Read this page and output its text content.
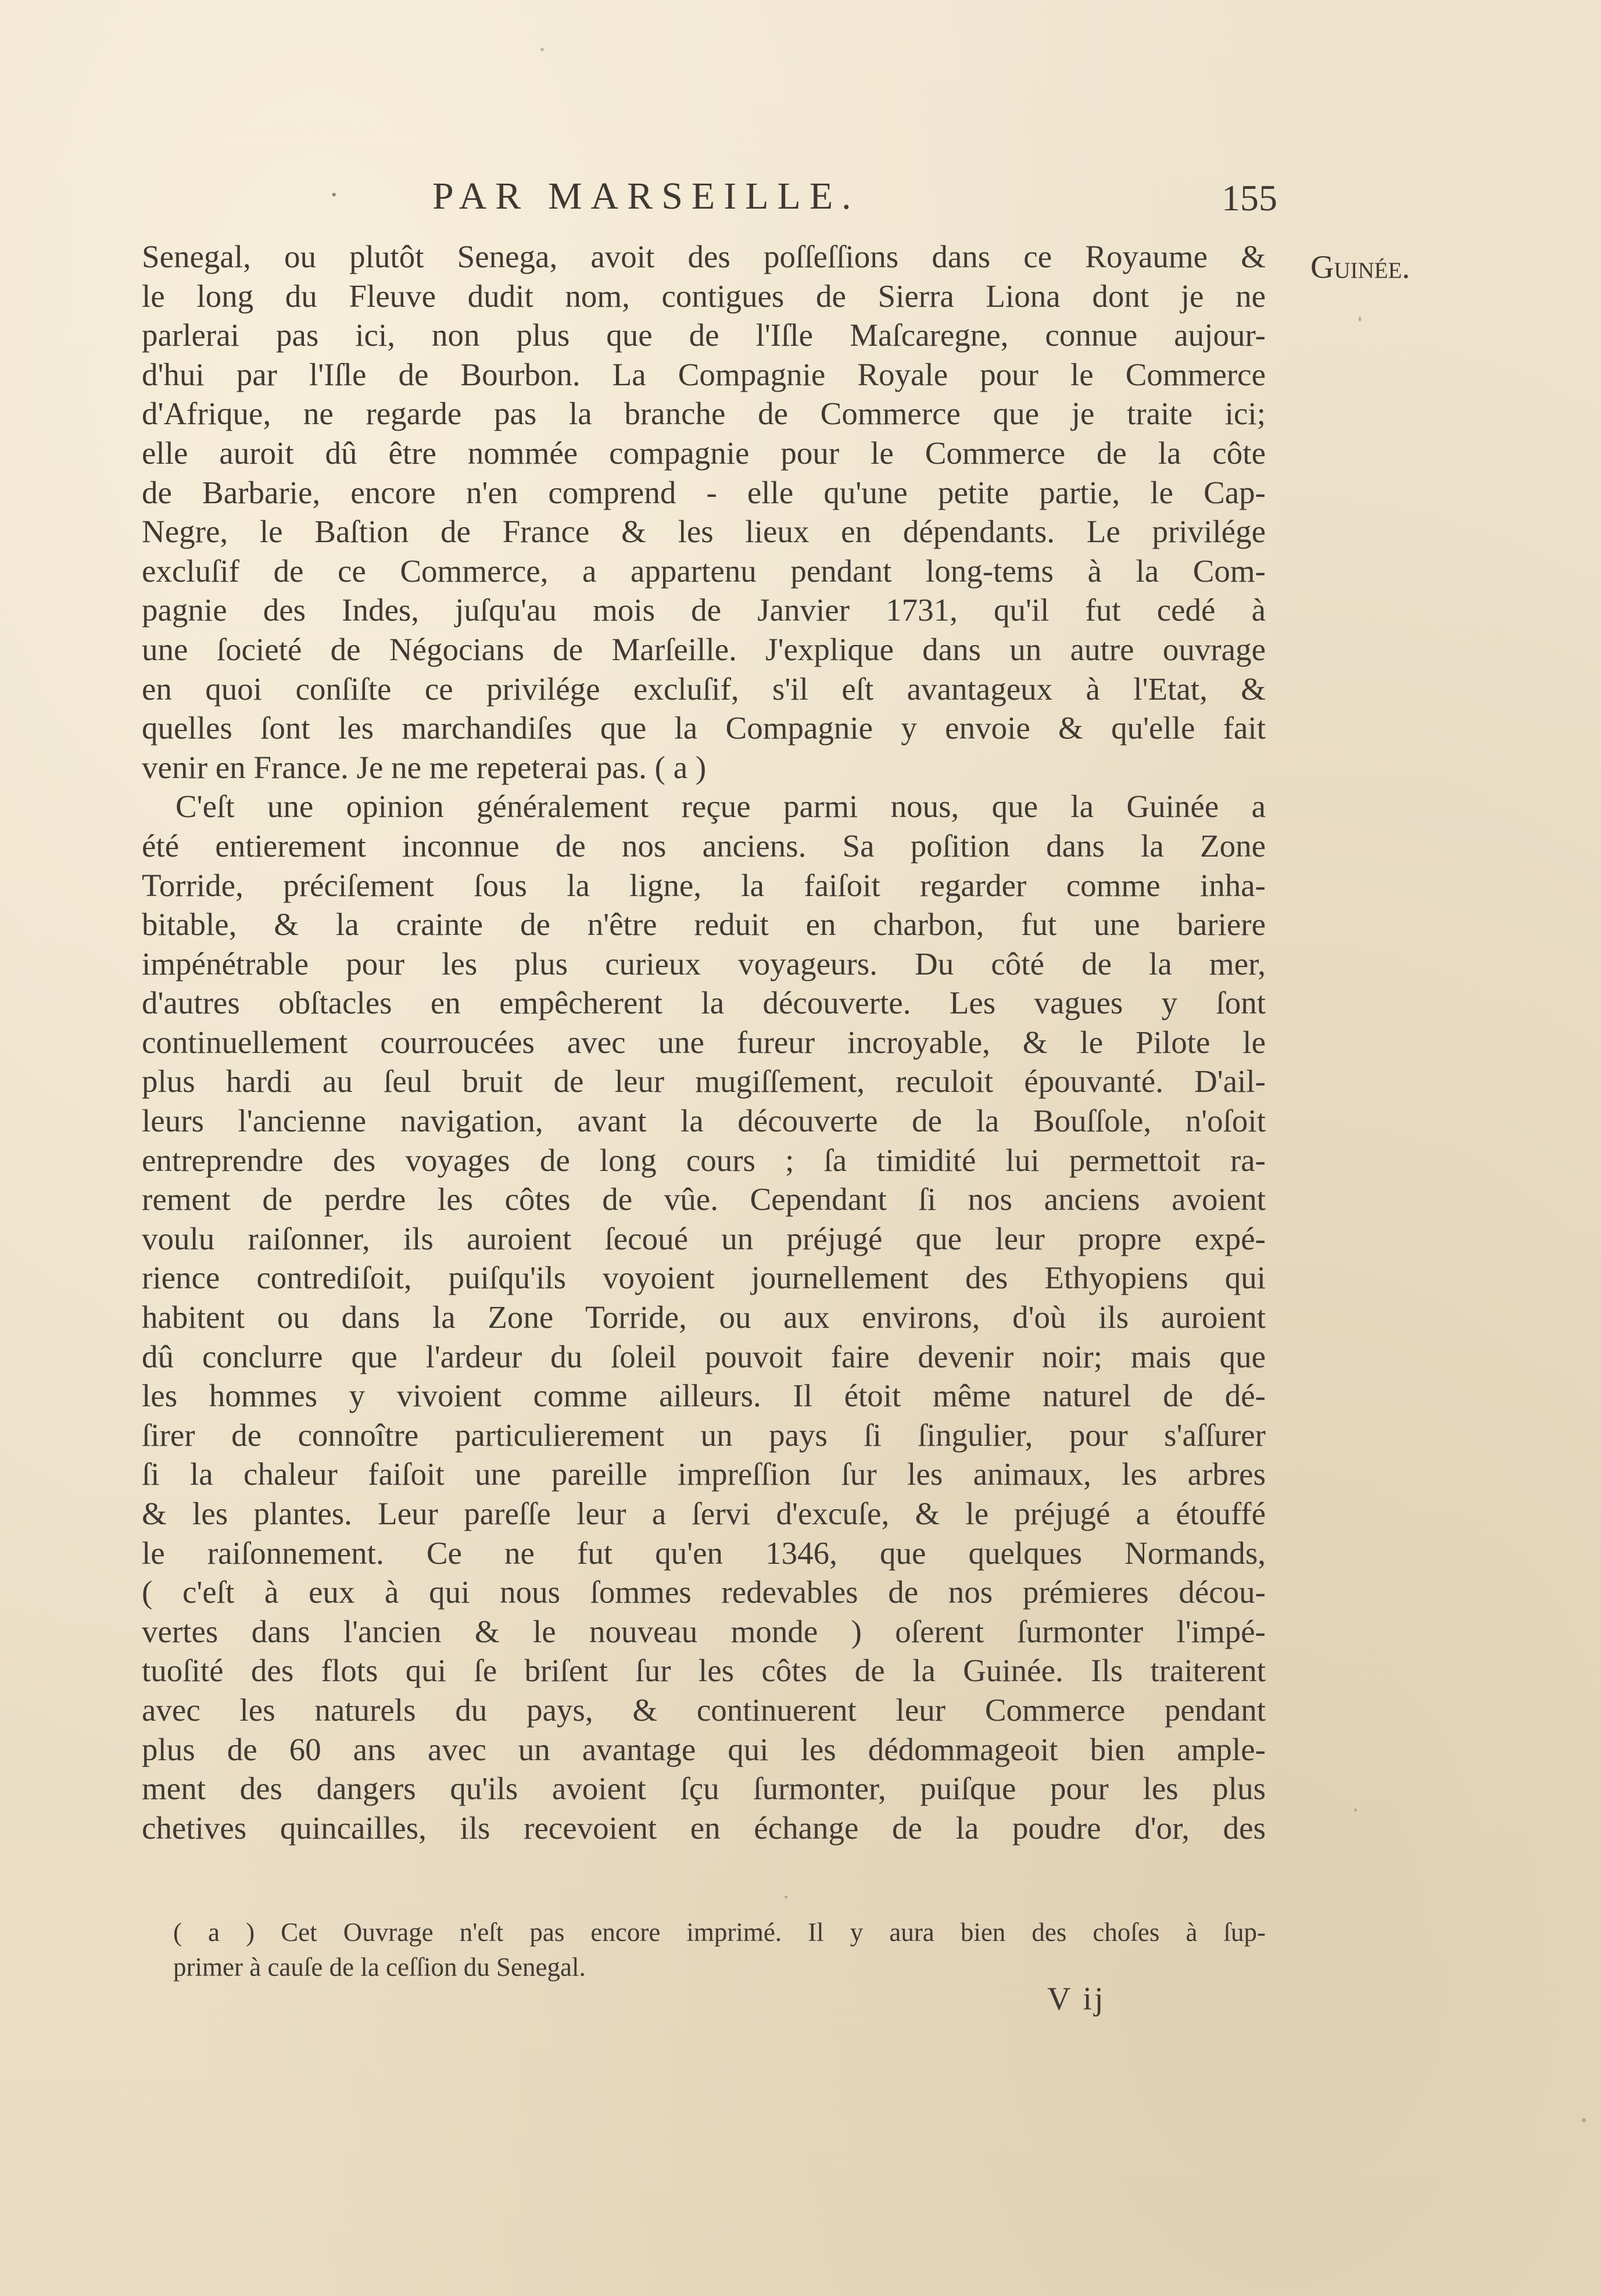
· PAR MARSEILLE.	155
Guinée.
Senegal, ou plutôt Senega, avoit des poſſeſſions dans ce Royaume &
le long du Fleuve dudit nom, contigues de Sierra Liona dont je ne
parlerai pas ici, non plus que de l'Iſle Maſcaregne, connue aujour-
d'hui par l'Iſle de Bourbon. La Compagnie Royale pour le Commerce
d'Afrique, ne regarde pas la branche de Commerce que je traite ici;
elle auroit dû être nommée compagnie pour le Commerce de la côte
de Barbarie, encore n'en comprend - elle qu'une petite partie, le Cap-
Negre, le Baſtion de France & les lieux en dépendants. Le privilége
excluſif de ce Commerce, a appartenu pendant long-tems à la Com-
pagnie des Indes, juſqu'au mois de Janvier 1731, qu'il fut cedé à
une ſocieté de Négocians de Marſeille. J'explique dans un autre ouvrage
en quoi conſiſte ce privilége excluſif, s'il eſt avantageux à l'Etat, &
quelles ſont les marchandiſes que la Compagnie y envoie & qu'elle fait
venir en France. Je ne me repeterai pas. ( a )
C'eſt une opinion généralement reçue parmi nous, que la Guinée a
été entierement inconnue de nos anciens. Sa poſition dans la Zone
Torride, préciſement ſous la ligne, la faiſoit regarder comme inha-
bitable, & la crainte de n'être reduit en charbon, fut une bariere
impénétrable pour les plus curieux voyageurs. Du côté de la mer,
d'autres obſtacles en empêcherent la découverte. Les vagues y ſont
continuellement courroucées avec une fureur incroyable, & le Pilote le
plus hardi au ſeul bruit de leur mugiſſement, reculoit épouvanté. D'ail-
leurs l'ancienne navigation, avant la découverte de la Bouſſole, n'oſoit
entreprendre des voyages de long cours ; ſa timidité lui permettoit ra-
rement de perdre les côtes de vûe. Cependant ſi nos anciens avoient
voulu raiſonner, ils auroient ſecoué un préjugé que leur propre expé-
rience contrediſoit, puiſqu'ils voyoient journellement des Ethyopiens qui
habitent ou dans la Zone Torride, ou aux environs, d'où ils auroient
dû conclurre que l'ardeur du ſoleil pouvoit faire devenir noir; mais que
les hommes y vivoient comme ailleurs. Il étoit même naturel de dé-
ſirer de connoître particulierement un pays ſi ſingulier, pour s'aſſurer
ſi la chaleur faiſoit une pareille impreſſion ſur les animaux, les arbres
& les plantes. Leur pareſſe leur a ſervi d'excuſe, & le préjugé a étouffé
le raiſonnement. Ce ne fut qu'en 1346, que quelques Normands,
( c'eſt à eux à qui nous ſommes redevables de nos prémieres décou-
vertes dans l'ancien & le nouveau monde ) oſerent ſurmonter l'impé-
tuoſité des flots qui ſe briſent ſur les côtes de la Guinée. Ils traiterent
avec les naturels du pays, & continuerent leur Commerce pendant
plus de 60 ans avec un avantage qui les dédommageoit bien ample-
ment des dangers qu'ils avoient ſçu ſurmonter, puiſque pour les plus
chetives quincailles, ils recevoient en échange de la poudre d'or, des
( a ) Cet Ouvrage n'eſt pas encore imprimé. Il y aura bien des choſes à ſup-
primer à cauſe de la ceſſion du Senegal.
V ij
